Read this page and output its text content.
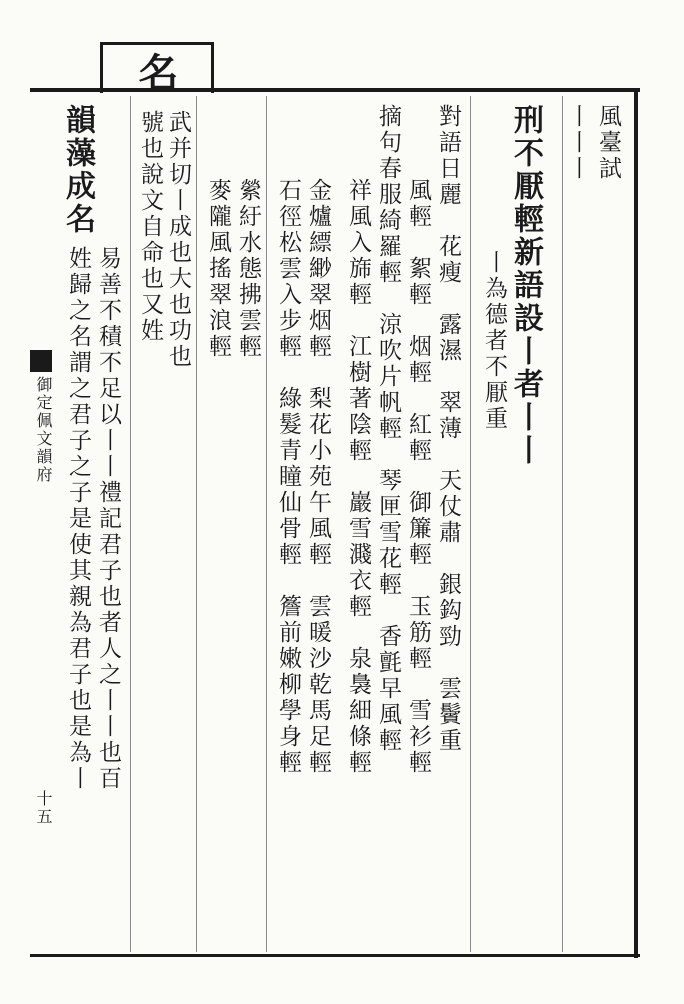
御定佩文韻府
十五
名
風臺試
丨丨丨
刑不厭輕新語設丨者丨丨
丨為德者不厭重
對語日麗　花瘦　露濕　翠薄　天仗肅　銀鈎勁　雲鬢重
風輕　絮輕　烟輕　紅輕　御簾輕　玉筋輕　雪衫輕
摘句春服綺羅輕　涼吹片帆輕　琴匣雪花輕　香氈早風輕
祥風入旆輕　江樹著陰輕　巖雪濺衣輕　泉裊細條輕
金爐縹緲翠烟輕　梨花小苑午風輕　雲暖沙乾馬足輕
石徑松雲入步輕　綠髮青瞳仙骨輕　簷前嫩柳學身輕
縈紆水態拂雲輕
麥隴風搖翠浪輕
武并切丨成也大也功也
號也說文自命也又姓
韻藻成名
易善不積不足以丨丨禮記君子也者人之丨丨也百
姓歸之名謂之君子之子是使其親為君子也是為丨
